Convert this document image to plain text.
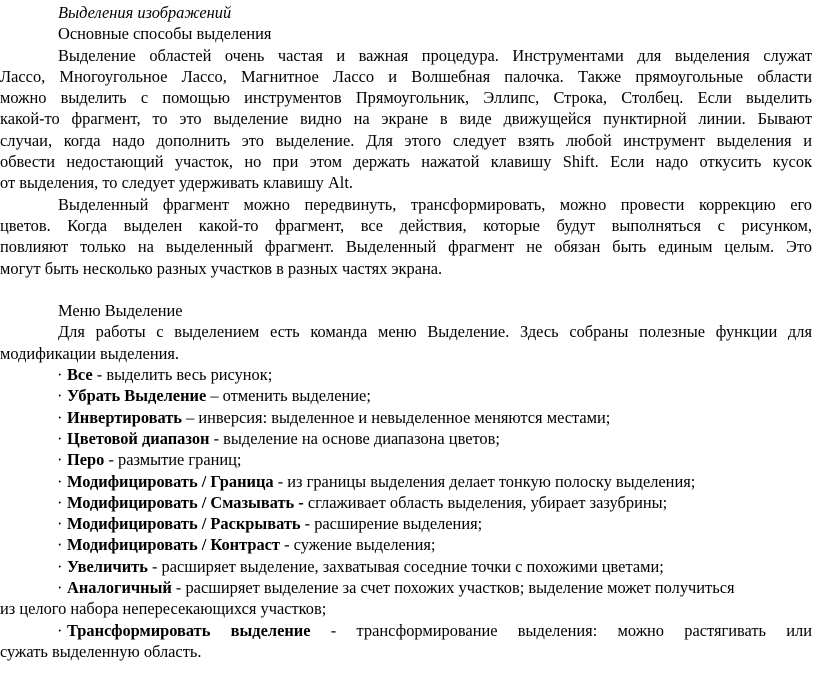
Выделения изображений
Основные способы выделения
Выделение областей очень частая и важная процедура. Инструментами для выделения служат
Лассо, Многоугольное Лассо, Магнитное Лассо и Волшебная палочка. Также прямоугольные области
можно выделить с помощью инструментов Прямоугольник, Эллипс, Строка, Столбец. Если выделить
какой-то фрагмент, то это выделение видно на экране в виде движущейся пунктирной линии. Бывают
случаи, когда надо дополнить это выделение. Для этого следует взять любой инструмент выделения и
обвести недостающий участок, но при этом держать нажатой клавишу Shift. Если надо откусить кусок
от выделения, то следует удерживать клавишу Alt.
Выделенный фрагмент можно передвинуть, трансформировать, можно провести коррекцию его
цветов. Когда выделен какой-то фрагмент, все действия, которые будут выполняться с рисунком,
повлияют только на выделенный фрагмент. Выделенный фрагмент не обязан быть единым целым. Это
могут быть несколько разных участков в разных частях экрана.
Меню Выделение
Для работы с выделением есть команда меню Выделение. Здесь собраны полезные функции для
модификации выделения.
· Все - выделить весь рисунок;
· Убрать Выделение – отменить выделение;
· Инвертировать – инверсия: выделенное и невыделенное меняются местами;
· Цветовой диапазон - выделение на основе диапазона цветов;
· Перо - размытие границ;
· Модифицировать / Граница - из границы выделения делает тонкую полоску выделения;
· Модифицировать / Смазывать - сглаживает область выделения, убирает зазубрины;
· Модифицировать / Раскрывать - расширение выделения;
· Модифицировать / Контраст - сужение выделения;
· Увеличить - расширяет выделение, захватывая соседние точки с похожими цветами;
· Аналогичный - расширяет выделение за счет похожих участков; выделение может получиться
из целого набора непересекающихся участков;
· Трансформировать выделение - трансформирование выделения: можно растягивать или
сужать выделенную область.
